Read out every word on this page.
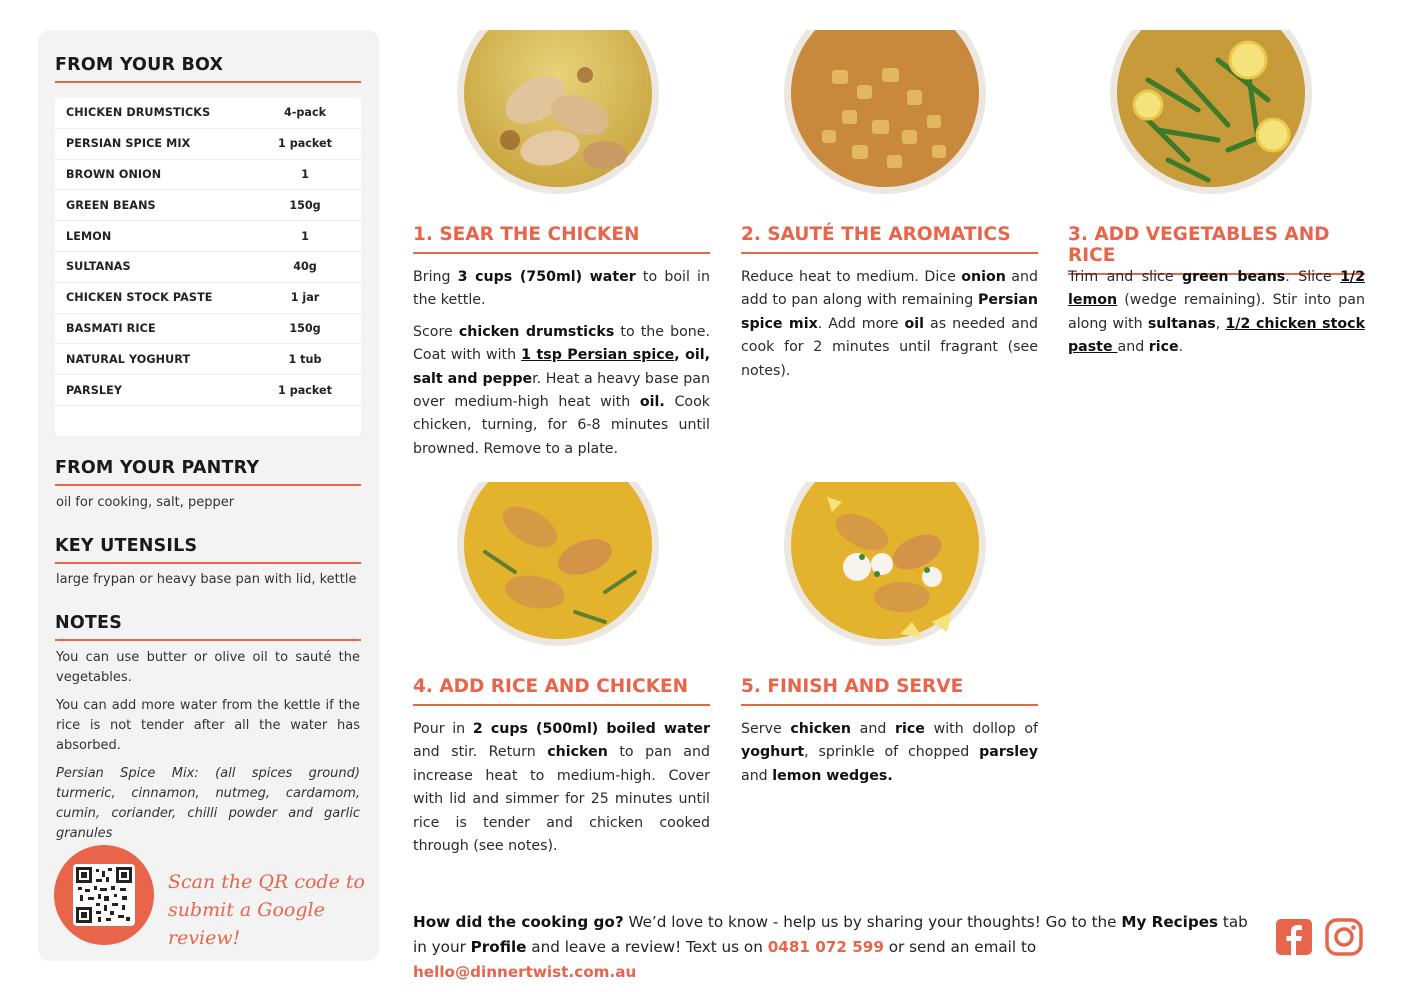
FROM YOUR BOX
CHICKEN DRUMSTICKS	4-pack
PERSIAN SPICE MIX	1 packet
BROWN ONION	1
GREEN BEANS	150g
LEMON	1
SULTANAS	40g
CHICKEN STOCK PASTE	1 jar
BASMATI RICE	150g
NATURAL YOGHURT	1 tub
PARSLEY	1 packet
FROM YOUR PANTRY
oil for cooking, salt, pepper
KEY UTENSILS
large frypan or heavy base pan with lid, kettle
NOTES

You can use butter or olive oil to sauté the vegetables.

You can add more water from the kettle if the rice is not tender after all the water has absorbed.

Persian Spice Mix: (all spices ground) turmeric, cinnamon, nutmeg, cardamom, cumin, coriander, chilli powder and garlic granules

Scan the QR code to
submit a Google review!
1. SEAR THE CHICKEN

Bring 3 cups (750ml) water to boil in the kettle.

Score chicken drumsticks to the bone. Coat with with 1 tsp Persian spice, oil, salt and pepper. Heat a heavy base pan over medium-high heat with oil. Cook chicken, turning, for 6-8 minutes until browned. Remove to a plate.

2. SAUTÉ THE AROMATICS

Reduce heat to medium. Dice onion and add to pan along with remaining Persian spice mix. Add more oil as needed and cook for 2 minutes until fragrant (see notes).

3. ADD VEGETABLES AND RICE

Trim and slice green beans. Slice 1/2 lemon (wedge remaining). Stir into pan along with sultanas, 1/2 chicken stock paste and rice.

4. ADD RICE AND CHICKEN

Pour in 2 cups (500ml) boiled water and stir. Return chicken to pan and increase heat to medium-high. Cover with lid and simmer for 25 minutes until rice is tender and chicken cooked through (see notes).

5. FINISH AND SERVE

Serve chicken and rice with dollop of yoghurt, sprinkle of chopped parsley and lemon wedges.

How did the cooking go? We’d love to know - help us by sharing your thoughts! Go to the My Recipes tab in your Profile and leave a review! Text us on 0481 072 599 or send an email to hello@dinnertwist.com.au
